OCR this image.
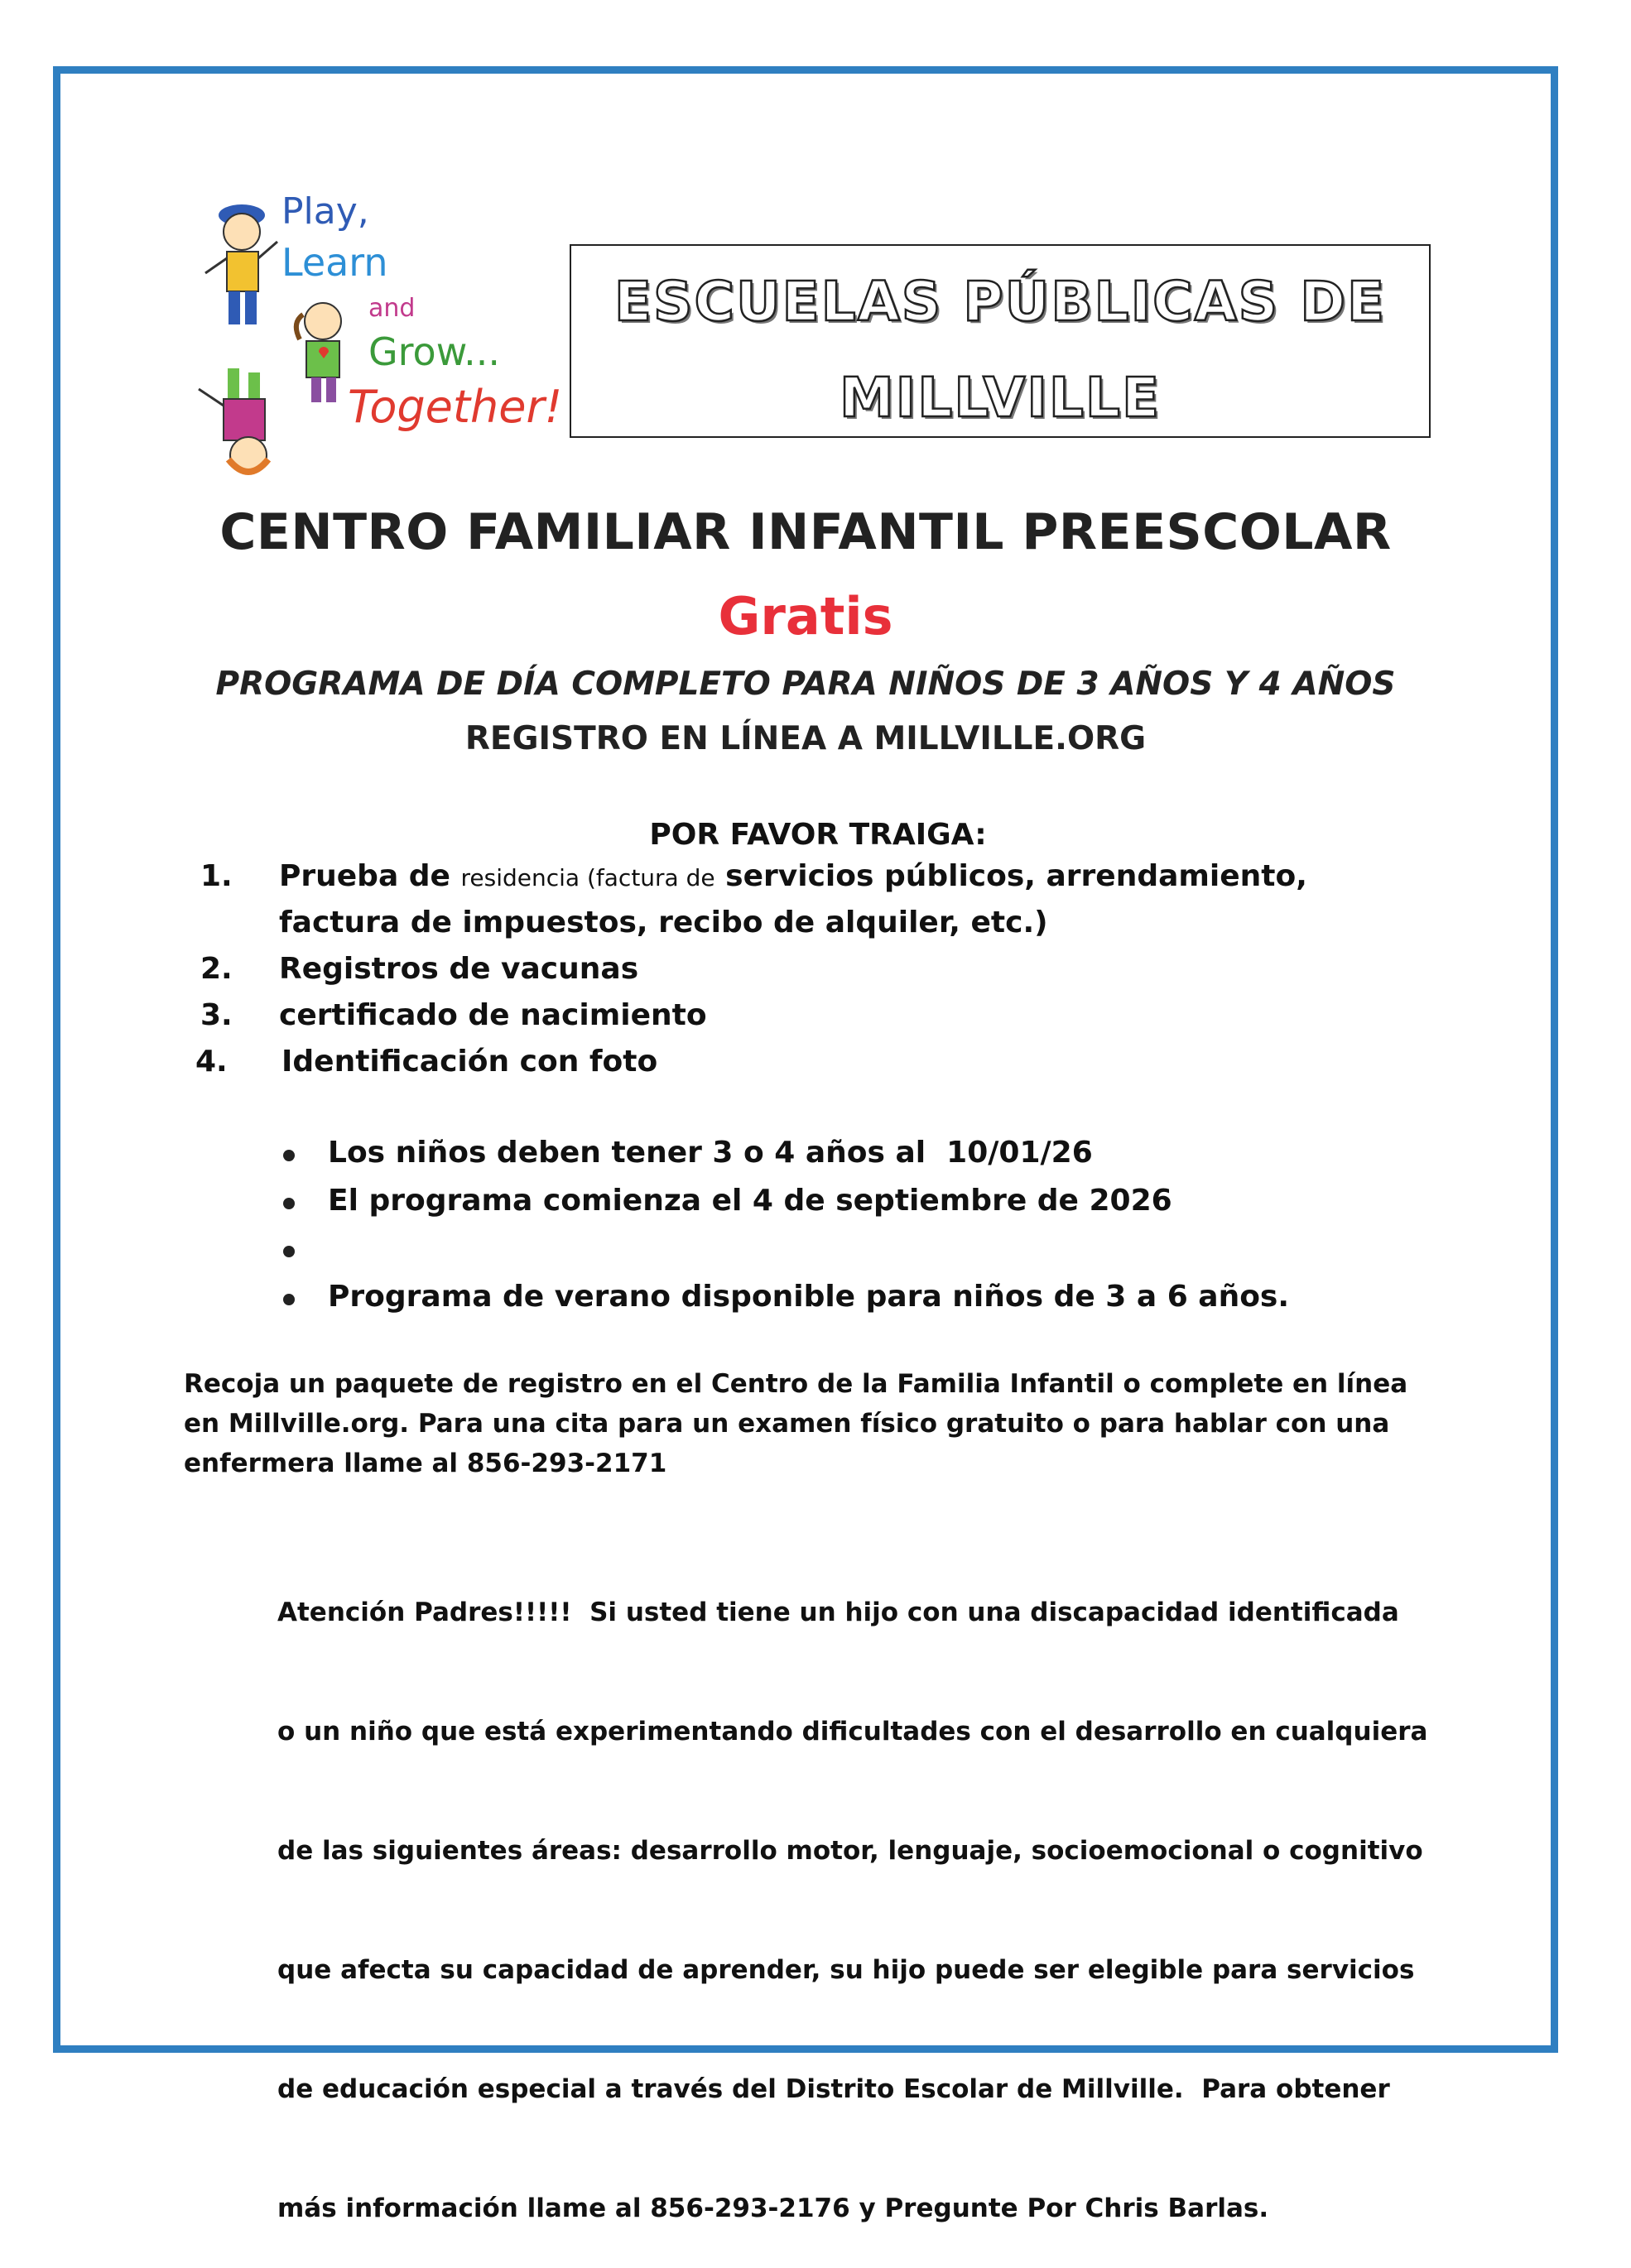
Play,
Learn
and
Grow...
Together!
ESCUELAS PÚBLICAS DE
MILLVILLE
CENTRO FAMILIAR INFANTIL PREESCOLAR
Gratis
PROGRAMA DE DÍA COMPLETO PARA NIÑOS DE 3 AÑOS Y 4 AÑOS
REGISTRO EN LÍNEA A MILLVILLE.ORG
POR FAVOR TRAIGA:
1. Prueba de residencia (factura de servicios públicos, arrendamiento,
factura de impuestos, recibo de alquiler, etc.)
2. Registros de vacunas
3. certificado de nacimiento
4. Identificación con foto
Los niños deben tener 3 o 4 años al  10/01/26
El programa comienza el 4 de septiembre de 2026
Programa de verano disponible para niños de 3 a 6 años.
Recoja un paquete de registro en el Centro de la Familia Infantil o complete en línea
en Millville.org. Para una cita para un examen físico gratuito o para hablar con una
enfermera llame al 856-293-2171

Atención Padres!!!!!  Si usted tiene un hijo con una discapacidad identificada

o un niño que está experimentando dificultades con el desarrollo en cualquiera

de las siguientes áreas: desarrollo motor, lenguaje, socioemocional o cognitivo

que afecta su capacidad de aprender, su hijo puede ser elegible para servicios

de educación especial a través del Distrito Escolar de Millville.  Para obtener

más información llame al 856-293-2176 y Pregunte Por Chris Barlas.
